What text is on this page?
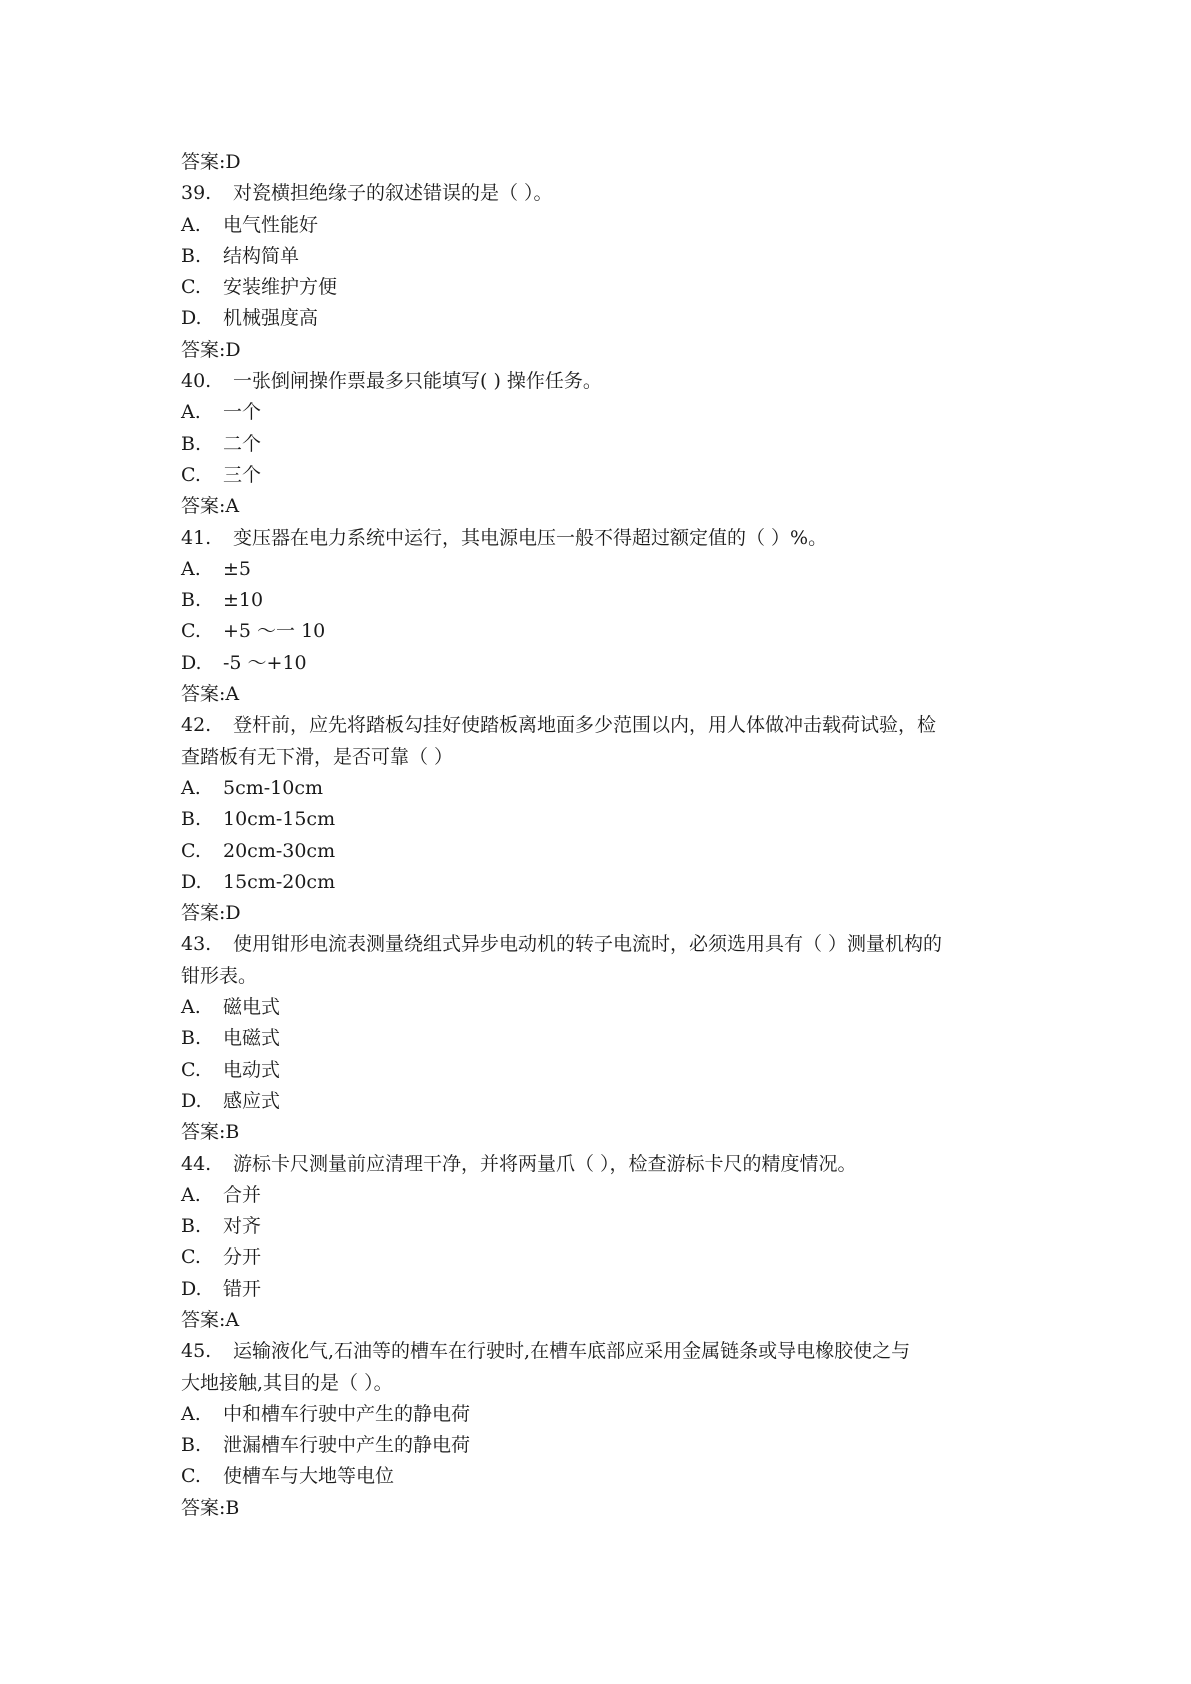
答案:D
39. 对瓷横担绝缘子的叙述错误的是（ ）。
A. 电气性能好
B. 结构简单
C. 安装维护方便
D. 机械强度高
答案:D
40. 一张倒闸操作票最多只能填写( ) 操作任务。
A. 一个
B. 二个
C. 三个
答案:A
41. 变压器在电力系统中运行，其电源电压一般不得超过额定值的（ ）%。
A. ±5
B. ±10
C. +5 ～一 10
D. -5 ～+10
答案:A
42. 登杆前，应先将踏板勾挂好使踏板离地面多少范围以内，用人体做冲击载荷试验，检
查踏板有无下滑，是否可靠（ ）
A. 5cm-10cm
B. 10cm-15cm
C. 20cm-30cm
D. 15cm-20cm
答案:D
43. 使用钳形电流表测量绕组式异步电动机的转子电流时，必须选用具有（ ）测量机构的
钳形表。
A. 磁电式
B. 电磁式
C. 电动式
D. 感应式
答案:B
44. 游标卡尺测量前应清理干净，并将两量爪（ ），检查游标卡尺的精度情况。
A. 合并
B. 对齐
C. 分开
D. 错开
答案:A
45. 运输液化气,石油等的槽车在行驶时,在槽车底部应采用金属链条或导电橡胶使之与
大地接触,其目的是（ ）。
A. 中和槽车行驶中产生的静电荷
B. 泄漏槽车行驶中产生的静电荷
C. 使槽车与大地等电位
答案:B
